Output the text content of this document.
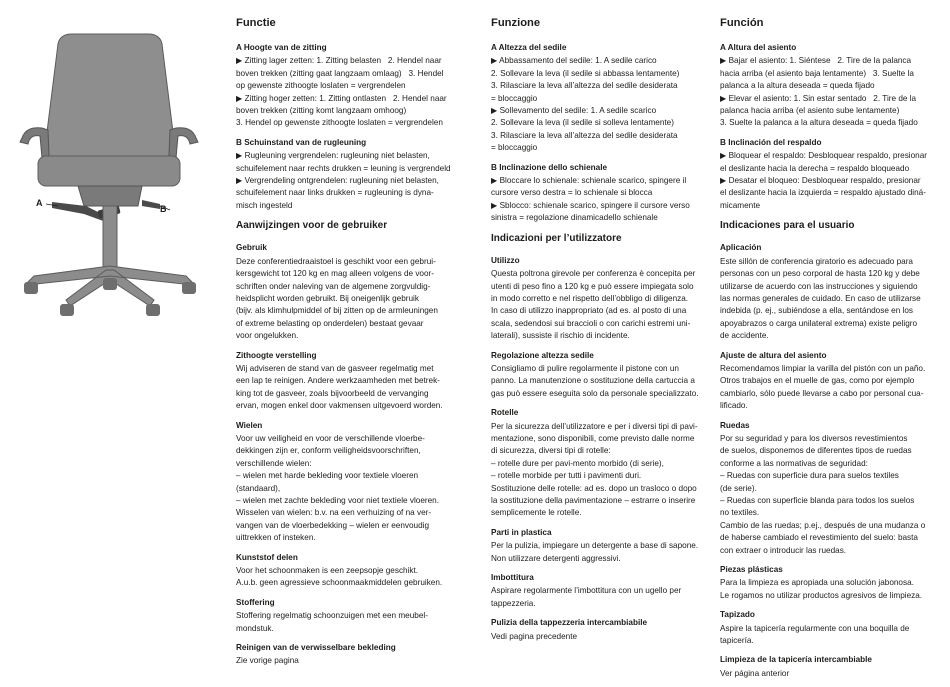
A
B
Functie
A Hoogte van de zitting
▶ Zitting lager zetten: 1. Zitting belasten   2. Hendel naar
boven trekken (zitting gaat langzaam omlaag)   3. Hendel
op gewenste zithoogte loslaten = vergrendelen
▶ Zitting hoger zetten: 1. Zitting ontlasten   2. Hendel naar
boven trekken (zitting komt langzaam omhoog)
3. Hendel op gewenste zithoogte loslaten = vergrendelen
B Schuinstand van de rugleuning
▶ Rugleuning vergrendelen: rugleuning niet belasten,
schuifelement naar rechts drukken = leuning is vergrendeld
▶ Vergrendeling ontgrendelen: rugleuning niet belasten,
schuifelement naar links drukken = rugleuning is dyna-
misch ingesteld
Aanwijzingen voor de gebruiker
Gebruik
Deze conferentiedraaistoel is geschikt voor een gebrui-
kersgewicht tot 120 kg en mag alleen volgens de voor-
schriften onder naleving van de algemene zorgvuldig-
heidsplicht worden gebruikt. Bij oneigenlijk gebruik
(bijv. als klimhulpmiddel of bij zitten op de armleuningen
of extreme belasting op onderdelen) bestaat gevaar
voor ongelukken.
Zithoogte verstelling
Wij adviseren de stand van de gasveer regelmatig met
een lap te reinigen. Andere werkzaamheden met betrek-
king tot de gasveer, zoals bijvoorbeeld de vervanging
ervan, mogen enkel door vakmensen uitgevoerd worden.
Wielen
Voor uw veiligheid en voor de verschillende vloerbe-
dekkingen zijn er, conform veiligheidsvoorschriften,
verschillende wielen:
– wielen met harde bekleding voor textiele vloeren
(standaard),
– wielen met zachte bekleding voor niet textiele vloeren.
Wisselen van wielen: b.v. na een verhuizing of na ver-
vangen van de vloerbedekking – wielen er eenvoudig
uittrekken of insteken.
Kunststof delen
Voor het schoonmaken is een zeepsopje geschikt.
A.u.b. geen agressieve schoonmaakmiddelen gebruiken.
Stoffering
Stoffering regelmatig schoonzuigen met een meubel-
mondstuk.
Reinigen van de verwisselbare bekleding
Zie vorige pagina
Funzione
A Altezza del sedile
▶ Abbassamento del sedile: 1. A sedile carico
2. Sollevare la leva (il sedile si abbassa lentamente)
3. Rilasciare la leva all’altezza del sedile desiderata
= bloccaggio
▶ Sollevamento del sedile: 1. A sedile scarico
2. Sollevare la leva (il sedile si solleva lentamente)
3. Rilasciare la leva all’altezza del sedile desiderata
= bloccaggio
B Inclinazione dello schienale
▶ Bloccare lo schienale: schienale scarico, spingere il
cursore verso destra = lo schienale si blocca
▶ Sblocco: schienale scarico, spingere il cursore verso
sinistra = regolazione dinamicadello schienale
Indicazioni per l’utilizzatore
Utilizzo
Questa poltrona girevole per conferenza è concepita per
utenti di peso fino a 120 kg e può essere impiegata solo
in modo corretto e nel rispetto dell’obbligo di diligenza.
In caso di utilizzo inappropriato (ad es. al posto di una
scala, sedendosi sui braccioli o con carichi estremi uni-
laterali), sussiste il rischio di incidente.
Regolazione altezza sedile
Consigliamo di pulire regolarmente il pistone con un
panno. La manutenzione o sostituzione della cartuccia a
gas può essere eseguita solo da personale specializzato.
Rotelle
Per la sicurezza dell’utilizzatore e per i diversi tipi di pavi-
mentazione, sono disponibili, come previsto dalle norme
di sicurezza, diversi tipi di rotelle:
– rotelle dure per pavi-mento morbido (di serie),
– rotelle morbide per tutti i pavimenti duri.
Sostituzione delle rotelle: ad es. dopo un trasloco o dopo
la sostituzione della pavimentazione – estrarre o inserire
semplicemente le rotelle.
Parti in plastica
Per la pulizia, impiegare un detergente a base di sapone.
Non utilizzare detergenti aggressivi.
Imbottitura
Aspirare regolarmente l’imbottitura con un ugello per
tappezzeria.
Pulizia della tappezzeria intercambiabile
Vedi pagina precedente
Función
A Altura del asiento
▶ Bajar el asiento: 1. Siéntese   2. Tire de la palanca
hacia arriba (el asiento baja lentamente)   3. Suelte la
palanca a la altura deseada = queda fijado
▶ Elevar el asiento: 1. Sin estar sentado   2. Tire de la
palanca hacia arriba (el asiento sube lentamente)
3. Suelte la palanca a la altura deseada = queda fijado
B Inclinación del respaldo
▶ Bloquear el respaldo: Desbloquear respaldo, presionar
el deslizante hacia la derecha = respaldo bloqueado
▶ Desatar el bloqueo: Desbloquear respaldo, presionar
el deslizante hacia la izquierda = respaldo ajustado diná-
micamente
Indicaciones para el usuario
Aplicación
Este sillón de conferencia giratorio es adecuado para
personas con un peso corporal de hasta 120 kg y debe
utilizarse de acuerdo con las instrucciones y siguiendo
las normas generales de cuidado. En caso de utilizarse
indebida (p. ej., subiéndose a ella, sentándose en los
apoyabrazos o carga unilateral extrema) existe peligro
de accidente.
Ajuste de altura del asiento
Recomendamos limpiar la varilla del pistón con un paño.
Otros trabajos en el muelle de gas, como por ejemplo
cambiarlo, sólo puede llevarse a cabo por personal cua-
lificado.
Ruedas
Por su seguridad y para los diversos revestimientos
de suelos, disponemos de diferentes tipos de ruedas
conforme a las normativas de seguridad:
– Ruedas con superficie dura para suelos textiles
(de serie).
– Ruedas con superficie blanda para todos los suelos
no textiles.
Cambio de las ruedas; p.ej., después de una mudanza o
de haberse cambiado el revestimiento del suelo: basta
con extraer o introducir las ruedas.
Piezas plásticas
Para la limpieza es apropiada una solución jabonosa.
Le rogamos no utilizar productos agresivos de limpieza.
Tapizado
Aspire la tapicería regularmente con una boquilla de
tapicería.
Limpieza de la tapicería intercambiable
Ver página anterior
